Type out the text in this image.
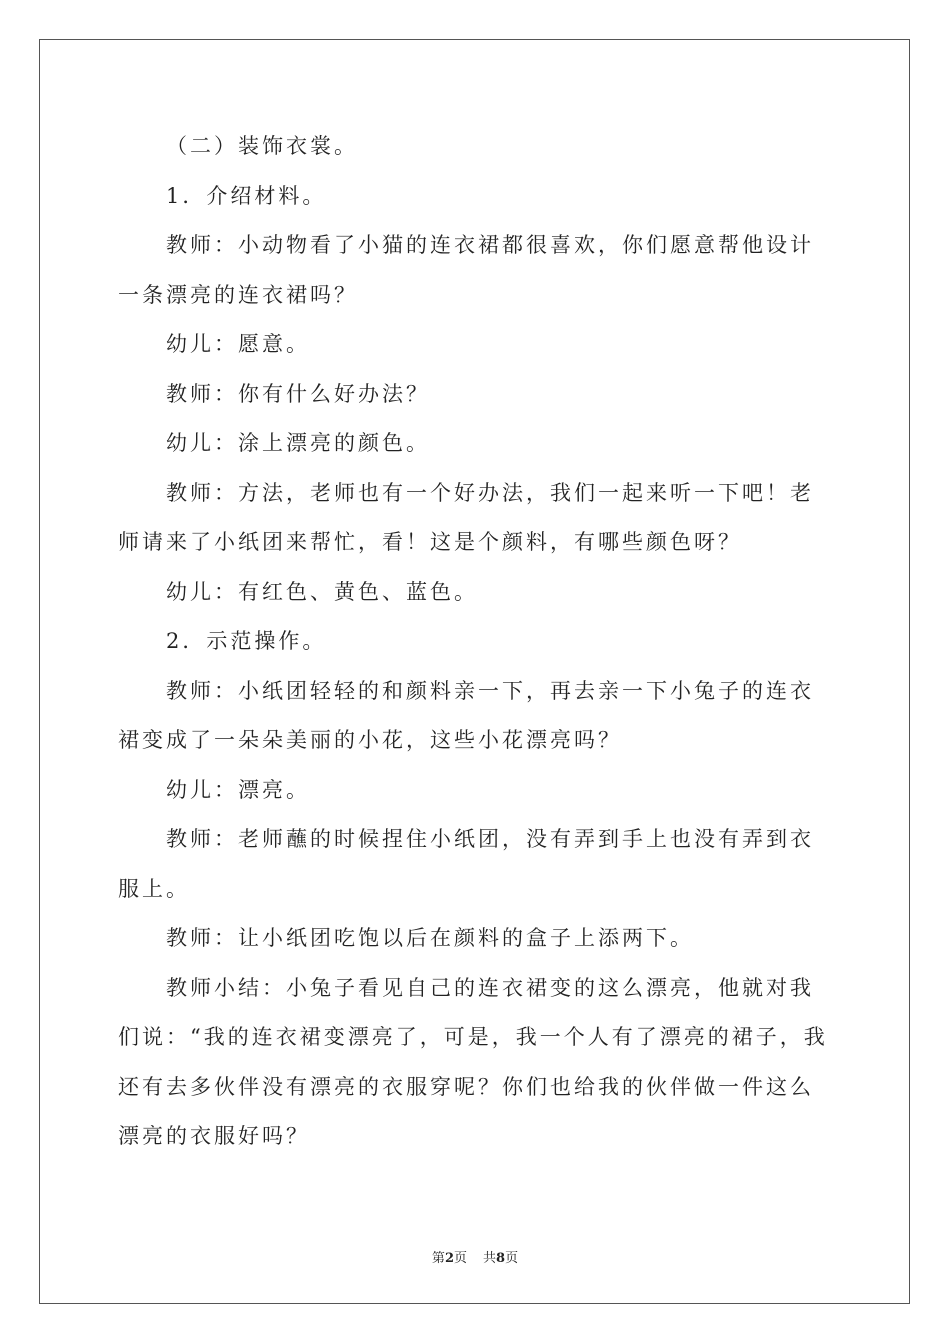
（二）装饰衣裳。

1．介绍材料。

教师：小动物看了小猫的连衣裙都很喜欢，你们愿意帮他设计一条漂亮的连衣裙吗？

幼儿：愿意。

教师：你有什么好办法？

幼儿：涂上漂亮的颜色。

教师：方法，老师也有一个好办法，我们一起来听一下吧！老师请来了小纸团来帮忙，看！这是个颜料，有哪些颜色呀？

幼儿：有红色、黄色、蓝色。

2．示范操作。

教师：小纸团轻轻的和颜料亲一下，再去亲一下小兔子的连衣裙变成了一朵朵美丽的小花，这些小花漂亮吗？

幼儿：漂亮。

教师：老师蘸的时候捏住小纸团，没有弄到手上也没有弄到衣服上。

教师：让小纸团吃饱以后在颜料的盒子上添两下。

教师小结：小兔子看见自己的连衣裙变的这么漂亮，他就对我们说：“我的连衣裙变漂亮了，可是，我一个人有了漂亮的裙子，我还有去多伙伴没有漂亮的衣服穿呢？你们也给我的伙伴做一件这么漂亮的衣服好吗？

第2页 共8页
